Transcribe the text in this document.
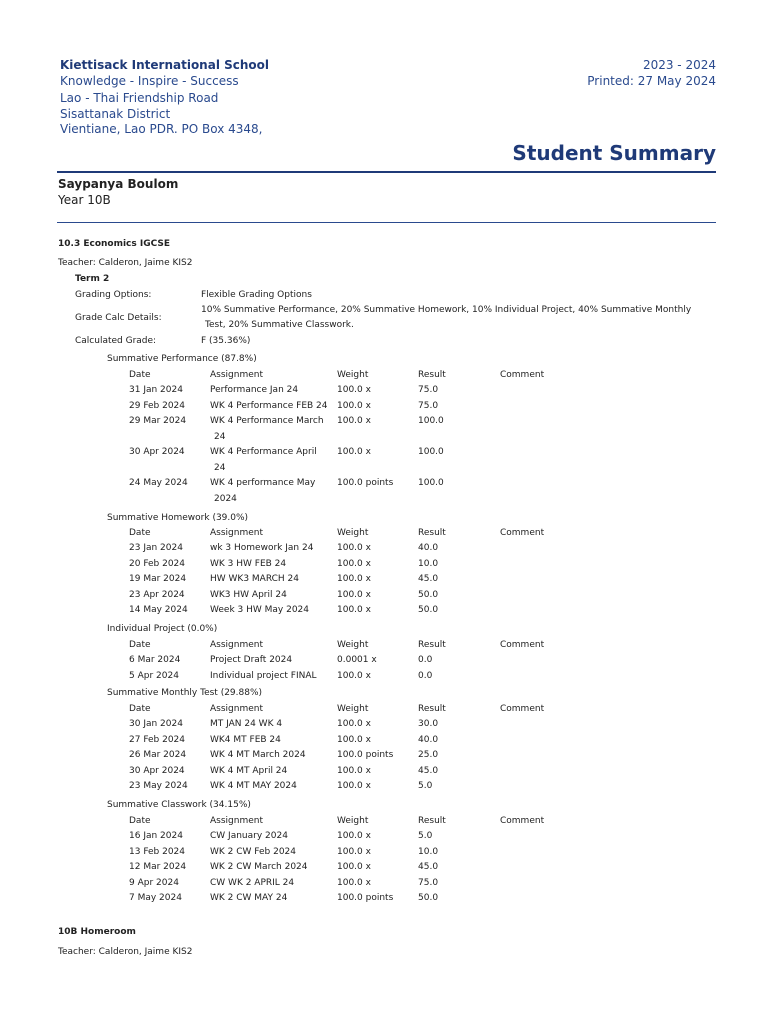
Kiettisack International School
Knowledge - Inspire - Success
Lao - Thai Friendship Road
Sisattanak District
Vientiane, Lao PDR. PO Box 4348,
2023 - 2024
Printed: 27 May 2024
Student Summary
Saypanya Boulom
Year 10B
10.3 Economics IGCSE
Teacher: Calderon, Jaime KIS2
Term 2
Grading Options:	Flexible Grading Options
Grade Calc Details:
10% Summative Performance, 20% Summative Homework, 10% Individual Project, 40% Summative Monthly
Test, 20% Summative Classwork.
Calculated Grade:	F (35.36%)
Summative Performance (87.8%)
Date	Assignment	Weight	Result	Comment
31 Jan 2024	Performance Jan 24	100.0 x	75.0
29 Feb 2024	WK 4 Performance FEB 24 100.0 x	75.0
29 Mar 2024	WK 4 Performance March
24
100.0 x	100.0
30 Apr 2024	WK 4 Performance April
24
100.0 x	100.0
24 May 2024 WK 4 performance May
2024
100.0 points	100.0
Summative Homework (39.0%)
Date	Assignment	Weight	Result	Comment
23 Jan 2024	wk 3 Homework Jan 24	100.0 x	40.0
20 Feb 2024	WK 3 HW FEB 24	100.0 x	10.0
19 Mar 2024	HW WK3 MARCH 24	100.0 x	45.0
23 Apr 2024	WK3 HW April 24	100.0 x	50.0
14 May 2024 Week 3 HW May 2024	100.0 x	50.0
Individual Project (0.0%)
Date	Assignment	Weight	Result	Comment
6 Mar 2024	Project Draft 2024	0.0001 x	0.0
5 Apr 2024	Individual project FINAL 100.0 x	0.0
Summative Monthly Test (29.88%)
Date	Assignment	Weight	Result	Comment
30 Jan 2024	MT JAN 24 WK 4	100.0 x	30.0
27 Feb 2024	WK4 MT FEB 24	100.0 x	40.0
26 Mar 2024	WK 4 MT March 2024	100.0 points	25.0
30 Apr 2024	WK 4 MT April 24	100.0 x	45.0
23 May 2024 WK 4 MT MAY 2024	100.0 x	5.0
Summative Classwork (34.15%)
Date	Assignment	Weight	Result	Comment
16 Jan 2024	CW January 2024	100.0 x	5.0
13 Feb 2024	WK 2 CW Feb 2024	100.0 x	10.0
12 Mar 2024	WK 2 CW March 2024	100.0 x	45.0
9 Apr 2024	CW WK 2 APRIL 24	100.0 x	75.0
7 May 2024	WK 2 CW MAY 24	100.0 points	50.0
10B Homeroom
Teacher: Calderon, Jaime KIS2
